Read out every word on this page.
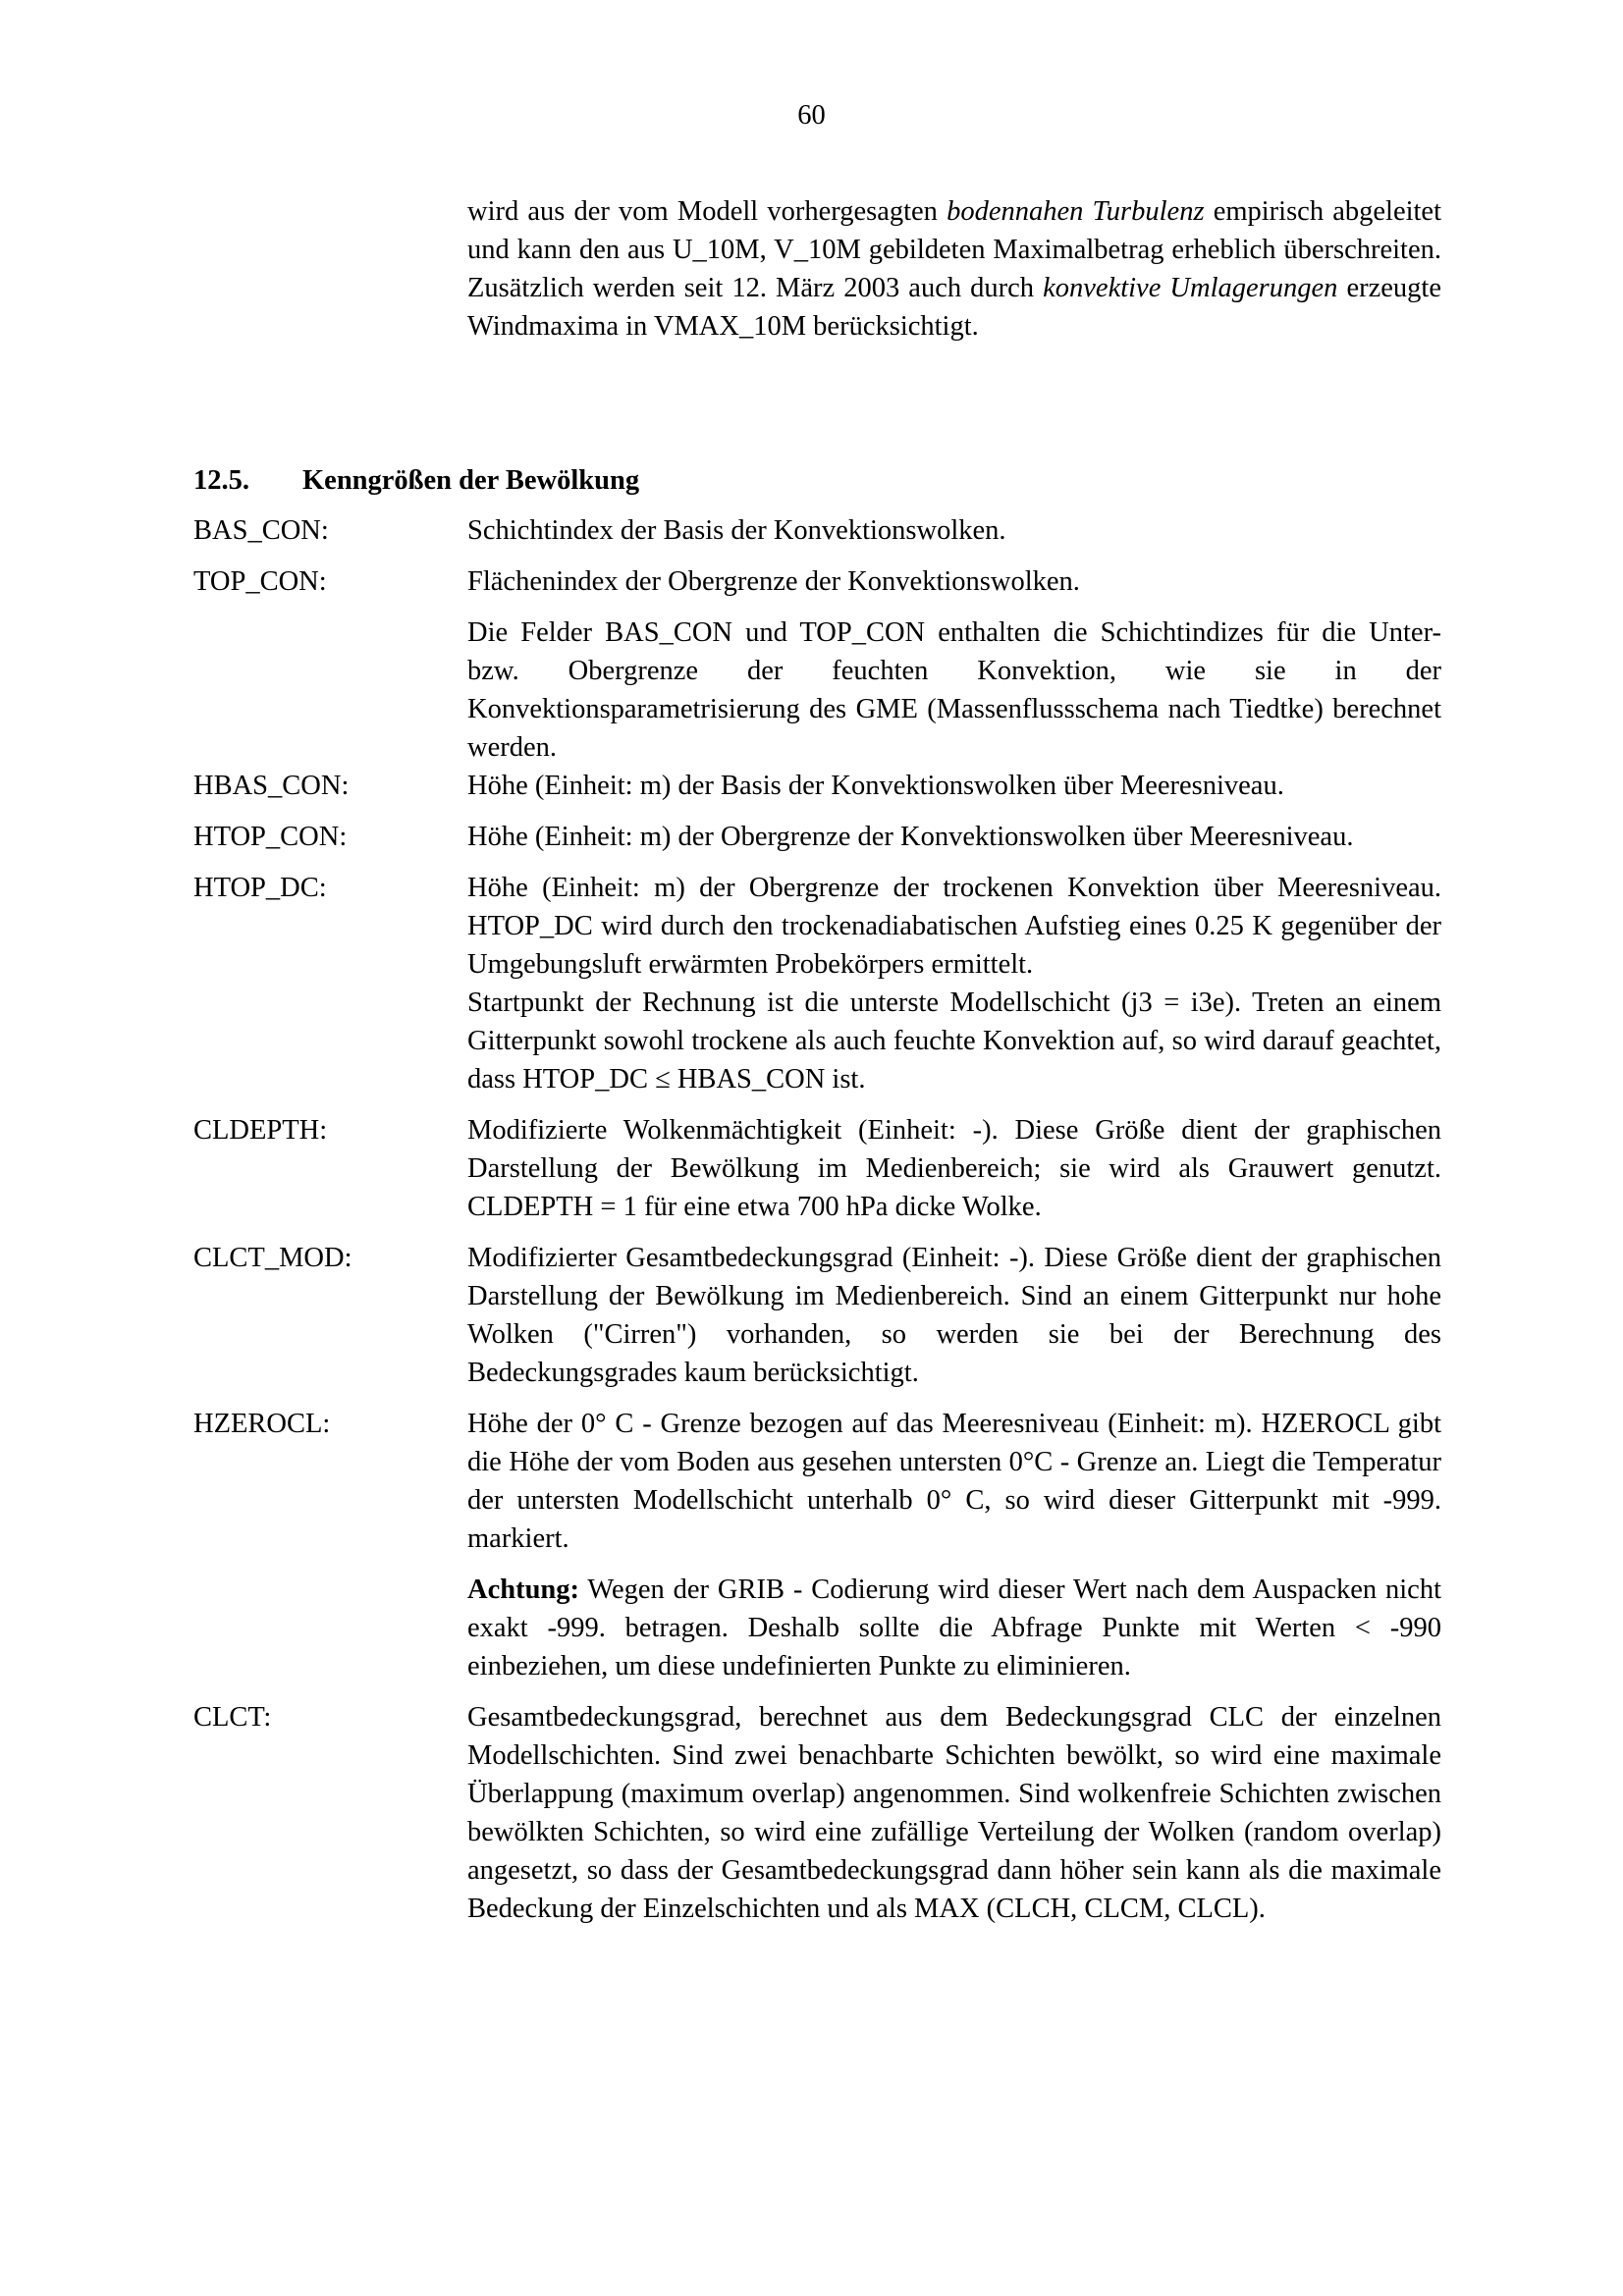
60
wird aus der vom Modell vorhergesagten bodennahen Turbulenz empirisch abgeleitet und kann den aus U_10M, V_10M gebildeten Maximalbetrag erheblich überschreiten. Zusätzlich werden seit 12. März 2003 auch durch konvektive Umlagerungen erzeugte Windmaxima in VMAX_10M berücksichtigt.
12.5. Kenngrößen der Bewölkung
BAS_CON:	Schichtindex der Basis der Konvektionswolken.

TOP_CON:	Flächenindex der Obergrenze der Konvektionswolken.

Die Felder BAS_CON und TOP_CON enthalten die Schichtindizes für die Unter- bzw. Obergrenze der feuchten Konvektion, wie sie in der Konvektionsparametrisierung des GME (Massenflussschema nach Tiedtke) berechnet werden.

HBAS_CON:	Höhe (Einheit: m) der Basis der Konvektionswolken über Meeresniveau.

HTOP_CON:	Höhe (Einheit: m) der Obergrenze der Konvektionswolken über Meeresniveau.

HTOP_DC:	Höhe (Einheit: m) der Obergrenze der trockenen Konvektion über Meeresniveau. HTOP_DC wird durch den trockenadiabatischen Aufstieg eines 0.25 K gegenüber der Umgebungsluft erwärmten Probekörpers ermittelt.

Startpunkt der Rechnung ist die unterste Modellschicht (j3 = i3e). Treten an einem Gitterpunkt sowohl trockene als auch feuchte Konvektion auf, so wird darauf geachtet, dass HTOP_DC ≤ HBAS_CON ist.

CLDEPTH:	Modifizierte Wolkenmächtigkeit (Einheit: -). Diese Größe dient der graphischen Darstellung der Bewölkung im Medienbereich; sie wird als Grauwert genutzt. CLDEPTH = 1 für eine etwa 700 hPa dicke Wolke.

CLCT_MOD:	Modifizierter Gesamtbedeckungsgrad (Einheit: -). Diese Größe dient der graphischen Darstellung der Bewölkung im Medienbereich. Sind an einem Gitterpunkt nur hohe Wolken ("Cirren") vorhanden, so werden sie bei der Berechnung des Bedeckungsgrades kaum berücksichtigt.

HZEROCL:	Höhe der 0° C - Grenze bezogen auf das Meeresniveau (Einheit: m). HZEROCL gibt die Höhe der vom Boden aus gesehen untersten 0°C - Grenze an. Liegt die Temperatur der untersten Modellschicht unterhalb 0° C, so wird dieser Gitterpunkt mit -999. markiert.

Achtung: Wegen der GRIB - Codierung wird dieser Wert nach dem Auspacken nicht exakt -999. betragen. Deshalb sollte die Abfrage Punkte mit Werten < -990 einbeziehen, um diese undefinierten Punkte zu eliminieren.

CLCT:	Gesamtbedeckungsgrad, berechnet aus dem Bedeckungsgrad CLC der einzelnen Modellschichten. Sind zwei benachbarte Schichten bewölkt, so wird eine maximale Überlappung (maximum overlap) angenommen. Sind wolkenfreie Schichten zwischen bewölkten Schichten, so wird eine zufällige Verteilung der Wolken (random overlap) angesetzt, so dass der Gesamtbedeckungsgrad dann höher sein kann als die maximale Bedeckung der Einzelschichten und als MAX (CLCH, CLCM, CLCL).
